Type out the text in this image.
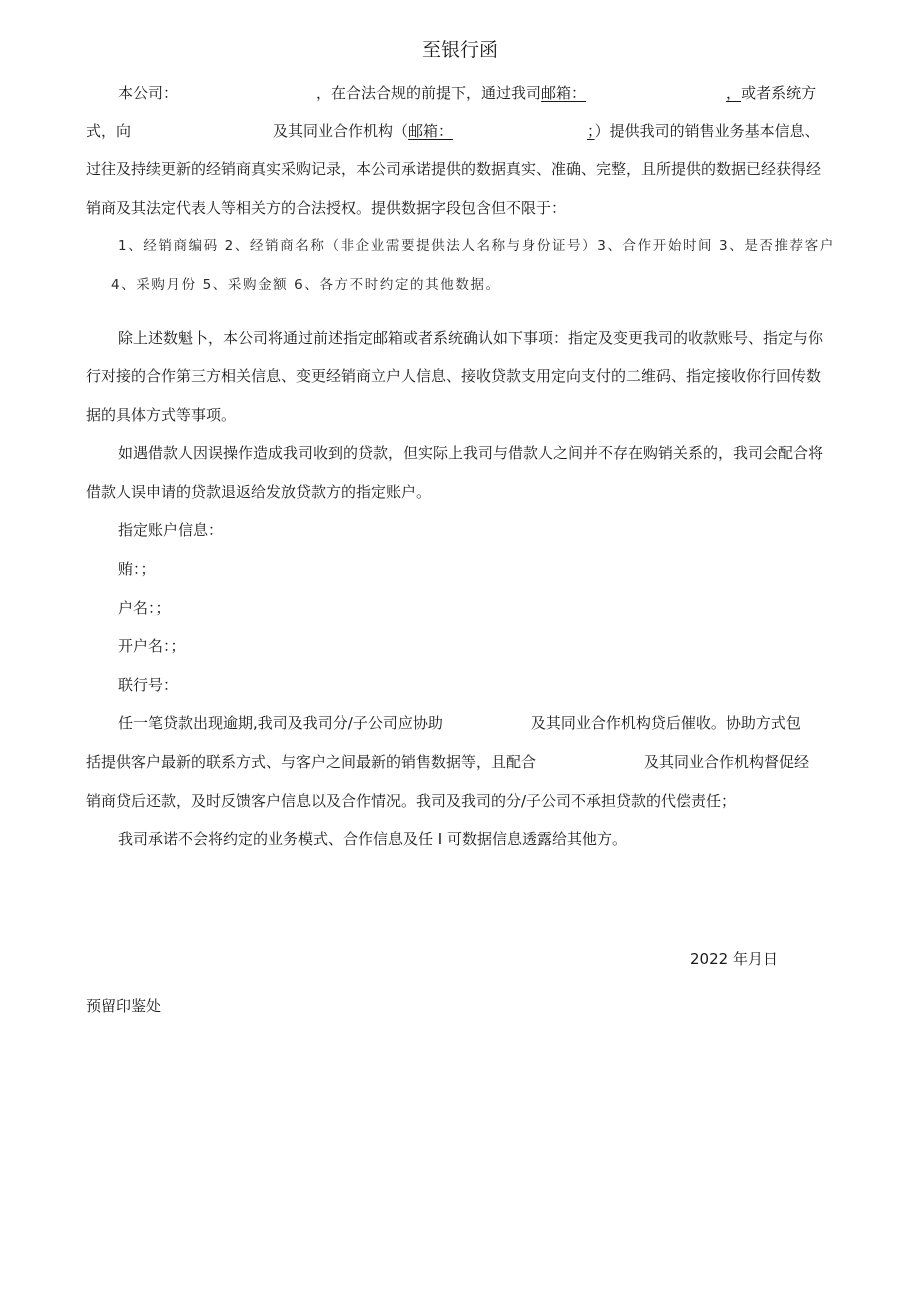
至银行函
本公司：	，在合法合规的前提下，通过我司邮箱：	，或者系统方
式，向	及其同业合作机构（邮箱：	；）提供我司的销售业务基本信息、
过往及持续更新的经销商真实采购记录，本公司承诺提供的数据真实、准确、完整，且所提供的数据已经获得经
销商及其法定代表人等相关方的合法授权。提供数据字段包含但不限于：
1、经销商编码 2、经销商名称（非企业需要提供法人名称与身份证号）3、合作开始时间 3、是否推荐客户
4、采购月份 5、采购金额 6、各方不时约定的其他数据。
除上述数魁卜，本公司将通过前述指定邮箱或者系统确认如下事项：指定及变更我司的收款账号、指定与你
行对接的合作第三方相关信息、变更经销商立户人信息、接收贷款支用定向支付的二维码、指定接收你行回传数
据的具体方式等事项。
如遇借款人因误操作造成我司收到的贷款，但实际上我司与借款人之间并不存在购销关系的，我司会配合将
借款人误申请的贷款退返给发放贷款方的指定账户。
指定账户信息：
贿：；
户名：；
开户名：；
联行号：
任一笔贷款出现逾期,我司及我司分/子公司应协助	及其同业合作机构贷后催收。协助方式包
括提供客户最新的联系方式、与客户之间最新的销售数据等，且配合	及其同业合作机构督促经
销商贷后还款，及时反馈客户信息以及合作情况。我司及我司的分/子公司不承担贷款的代偿责任；
我司承诺不会将约定的业务模式、合作信息及任 I 可数据信息透露给其他方。
2022 年月日
预留印鉴处
